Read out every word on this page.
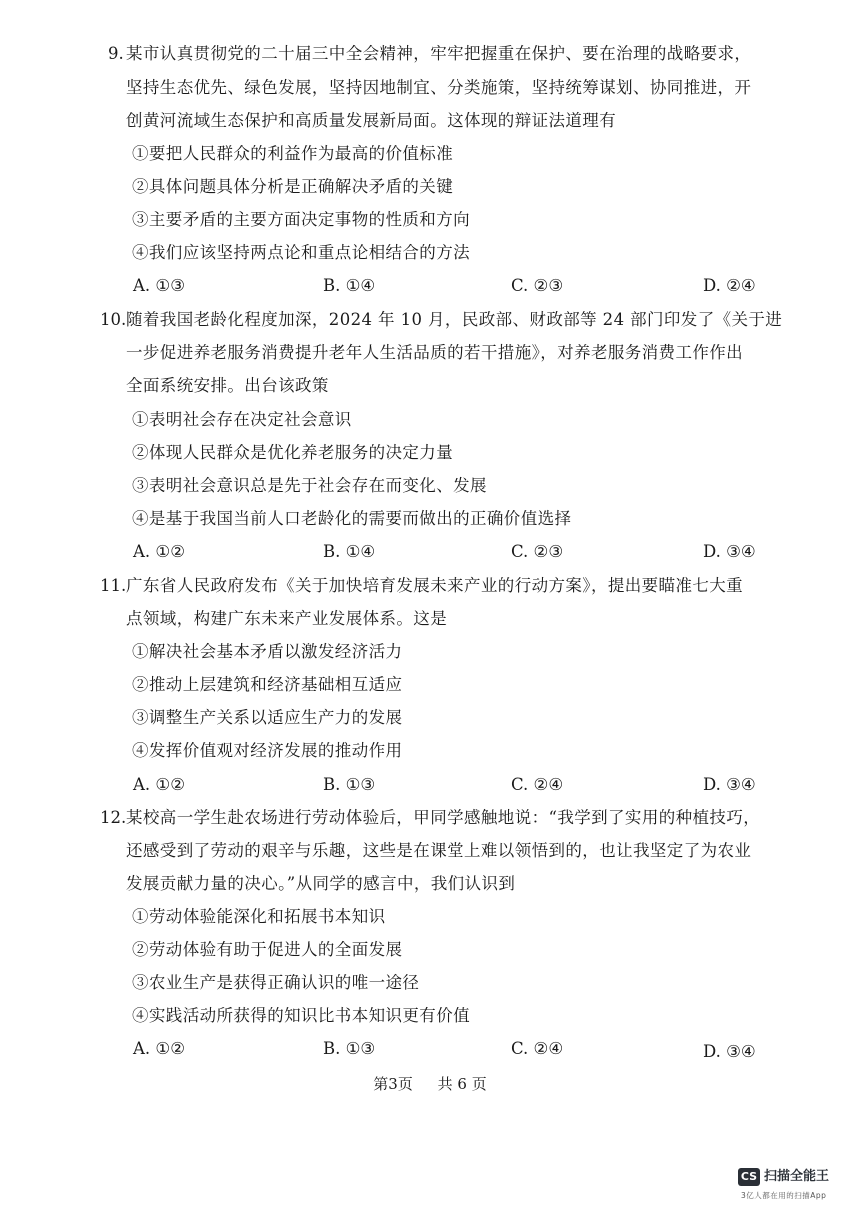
9. 某市认真贯彻党的二十届三中全会精神，牢牢把握重在保护、要在治理的战略要求，
坚持生态优先、绿色发展，坚持因地制宜、分类施策，坚持统筹谋划、协同推进，开
创黄河流域生态保护和高质量发展新局面。这体现的辩证法道理有
①要把人民群众的利益作为最高的价值标准
②具体问题具体分析是正确解决矛盾的关键
③主要矛盾的主要方面决定事物的性质和方向
④我们应该坚持两点论和重点论相结合的方法
A. ①③	B. ①④	C. ②③	D. ②④
10. 随着我国老龄化程度加深，2024 年 10 月，民政部、财政部等 24 部门印发了《关于进
一步促进养老服务消费提升老年人生活品质的若干措施》，对养老服务消费工作作出
全面系统安排。出台该政策
①表明社会存在决定社会意识
②体现人民群众是优化养老服务的决定力量
③表明社会意识总是先于社会存在而变化、发展
④是基于我国当前人口老龄化的需要而做出的正确价值选择
A. ①②	B. ①④	C. ②③	D. ③④
11. 广东省人民政府发布《关于加快培育发展未来产业的行动方案》，提出要瞄准七大重
点领域，构建广东未来产业发展体系。这是
①解决社会基本矛盾以激发经济活力
②推动上层建筑和经济基础相互适应
③调整生产关系以适应生产力的发展
④发挥价值观对经济发展的推动作用
A. ①②	B. ①③	C. ②④	D. ③④
12. 某校高一学生赴农场进行劳动体验后，甲同学感触地说：“我学到了实用的种植技巧，
还感受到了劳动的艰辛与乐趣，这些是在课堂上难以领悟到的，也让我坚定了为农业
发展贡献力量的决心。”从同学的感言中，我们认识到
①劳动体验能深化和拓展书本知识
②劳动体验有助于促进人的全面发展
③农业生产是获得正确认识的唯一途径
④实践活动所获得的知识比书本知识更有价值
A. ①②	B. ①③	C. ②④	D. ③④
第3页 共 6 页
CS 扫描全能王
3亿人都在用的扫描App
